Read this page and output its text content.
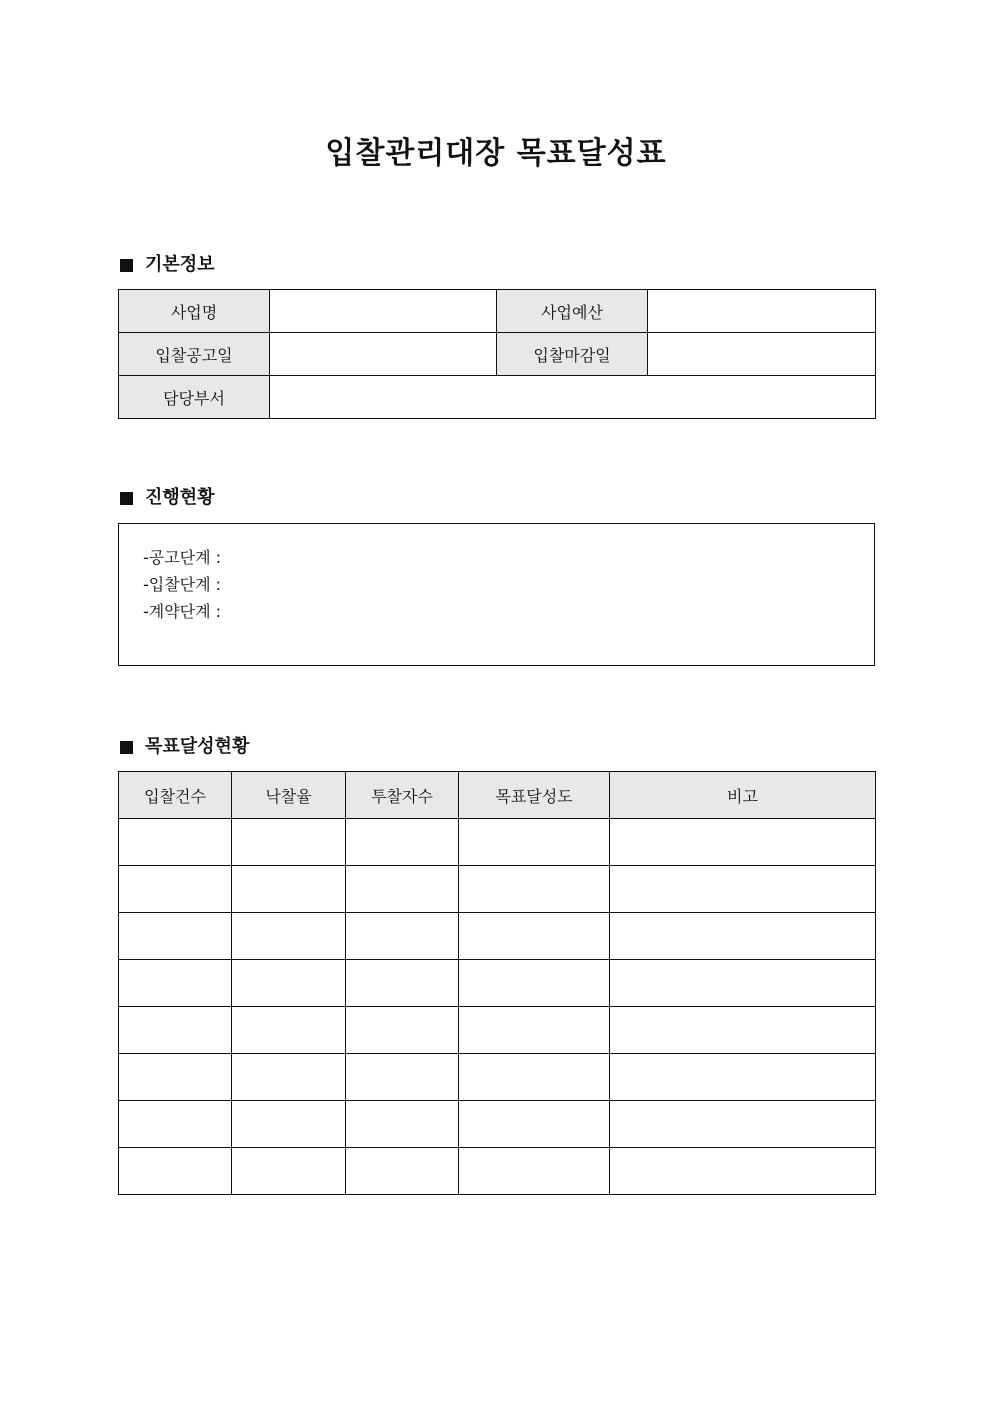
입찰관리대장 목표달성표
기본정보
사업명		사업예산	
입찰공고일		입찰마감일	
담당부서			
진행현황
-공고단계 :
-입찰단계 :
-계약단계 :
목표달성현황
입찰건수	낙찰율	투찰자수	목표달성도	비고
